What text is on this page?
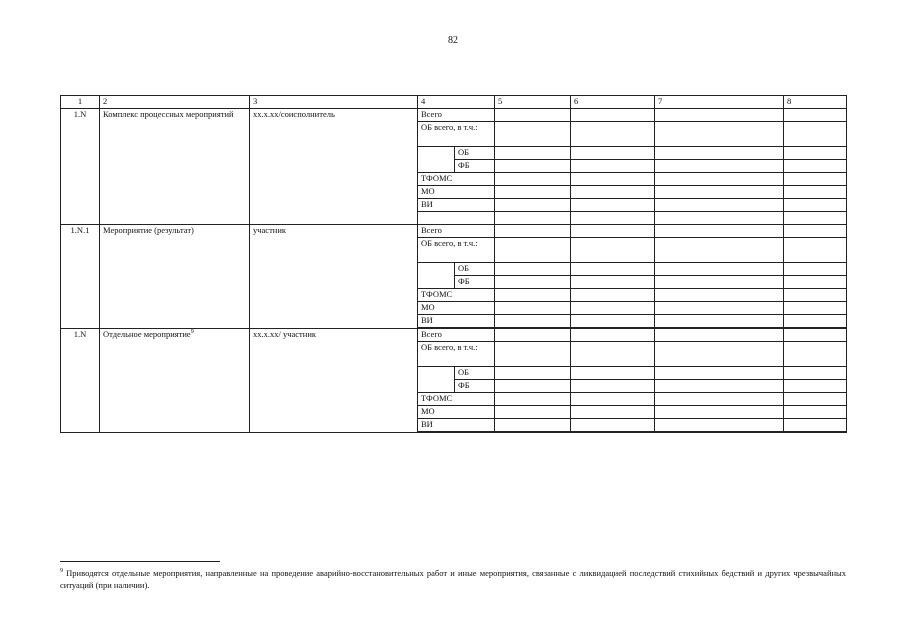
82
1	2	3	4		5	6	7	8
1.N	Комплекс процессных мероприятий	хх.х.хх/соисполнитель	Всего					
			ОБ всего, в т.ч.:					
				ОБ				
				ФБ				
			ТФОМС					
			МО					
			ВИ					

1.N.1	Мероприятие (результат)	участник	Всего					
			ОБ всего, в т.ч.:					
				ОБ				
				ФБ				
			ТФОМС					
			МО					
			ВИ					

1.N	Отдельное мероприятие$^9$	хх.х.хх/ участник	Всего					
			ОБ всего, в т.ч.:					
				ОБ				
				ФБ				
			ТФОМС					
			МО					
			ВИ					

$^9$ Приводятся отдельные мероприятия, направленные на проведение аварийно-восстановительных работ и иные мероприятия, связанные с ликвидацией последствий стихийных бедствий и других чрезвычайных ситуаций (при наличии).
